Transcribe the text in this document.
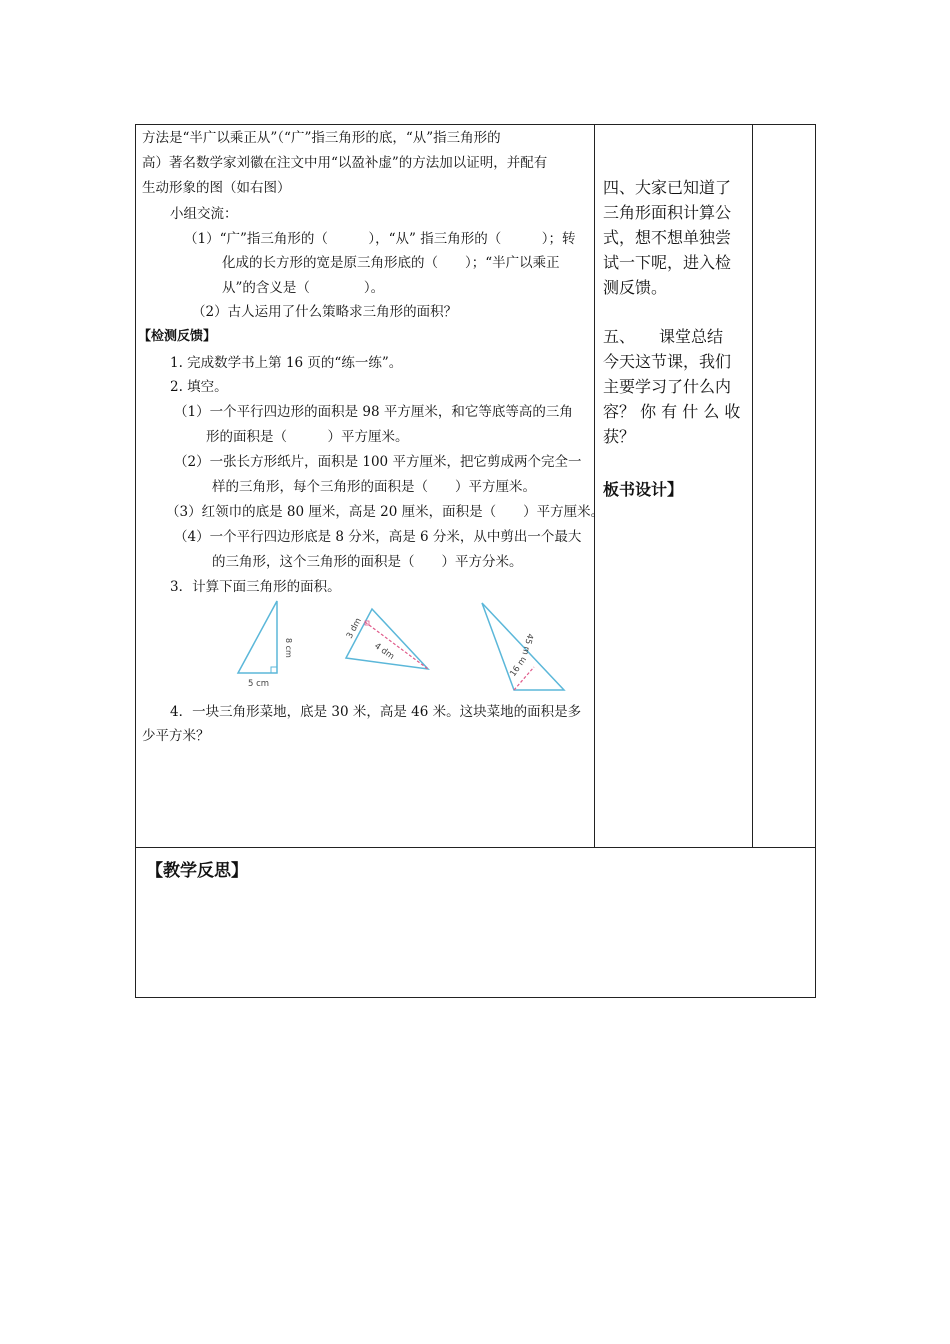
方法是“半广以乘正从”（“广”指三角形的底，“从”指三角形的
高）著名数学家刘徽在注文中用“以盈补虚”的方法加以证明，并配有
生动形象的图（如右图）
小组交流：
（1）“广”指三角形的（　　　），“从” 指三角形的（　　　）；转
化成的长方形的宽是原三角形底的（　　）；“半广以乘正
从”的含义是（　　　　）。
（2）古人运用了什么策略求三角形的面积？
【检测反馈】
1. 完成数学书上第 16 页的“练一练”。
2. 填空。
（1）一个平行四边形的面积是 98 平方厘米，和它等底等高的三角
形的面积是（　　　）平方厘米。
（2）一张长方形纸片，面积是 100 平方厘米，把它剪成两个完全一
样的三角形，每个三角形的面积是（　　）平方厘米。
（3）红领巾的底是 80 厘米，高是 20 厘米，面积是（　　）平方厘米。
（4）一个平行四边形底是 8 分米，高是 6 分米，从中剪出一个最大
的三角形，这个三角形的面积是（　　）平方分米。
3．计算下面三角形的面积。
8 cm
5 cm
3 dm
4 dm	45 m
16 m
4．一块三角形菜地，底是 30 米，高是 46 米。这块菜地的面积是多
少平方米？
四、大家已知道了
三角形面积计算公
式，想不想单独尝
试一下呢，进入检
测反馈。
五、　　课堂总结
今天这节课，我们
主要学习了什么内
容？ 你 有 什 么 收
获？
板书设计】
【教学反思】
